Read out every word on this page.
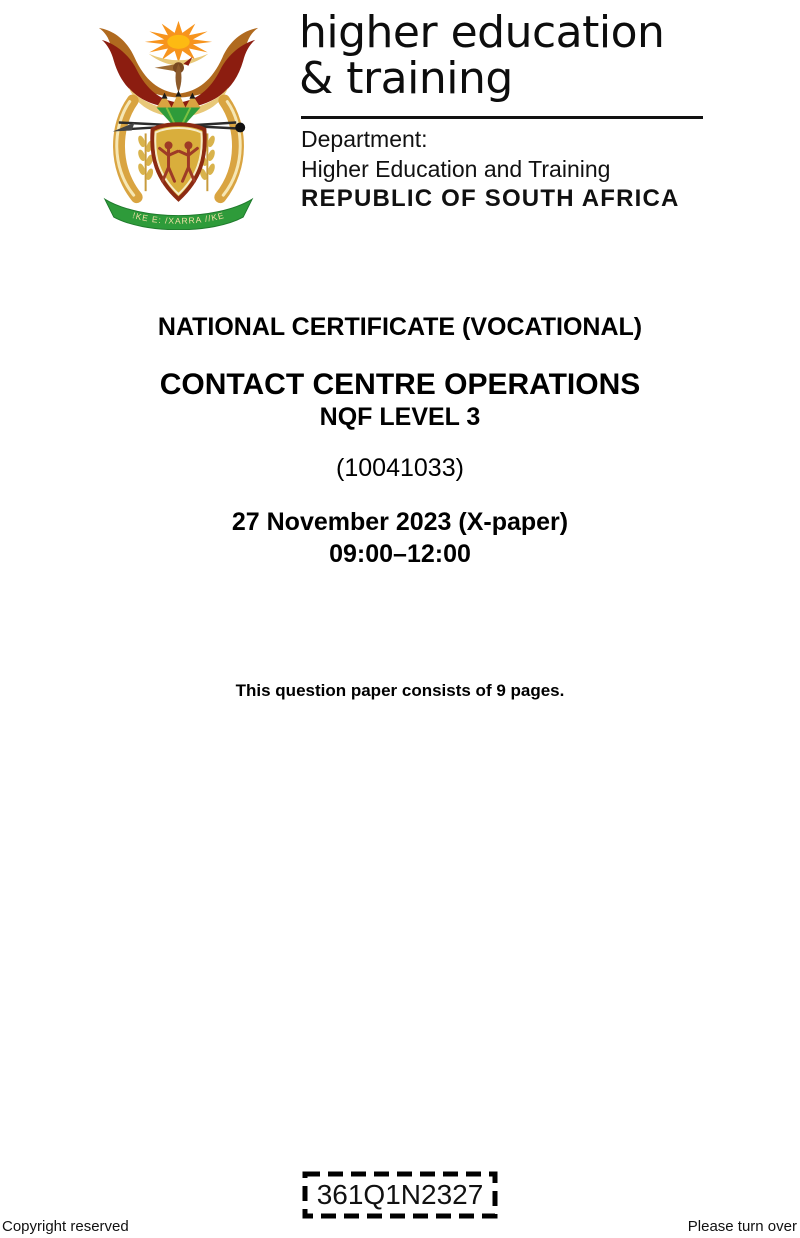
!KE E: /XARRA //KE
higher education
& training
Department:
Higher Education and Training
REPUBLIC OF SOUTH AFRICA
NATIONAL CERTIFICATE (VOCATIONAL)
CONTACT CENTRE OPERATIONS
NQF LEVEL 3
(10041033)
27 November 2023 (X-paper)
09:00–12:00
This question paper consists of 9 pages.
361Q1N2327
Copyright reserved	Please turn over
